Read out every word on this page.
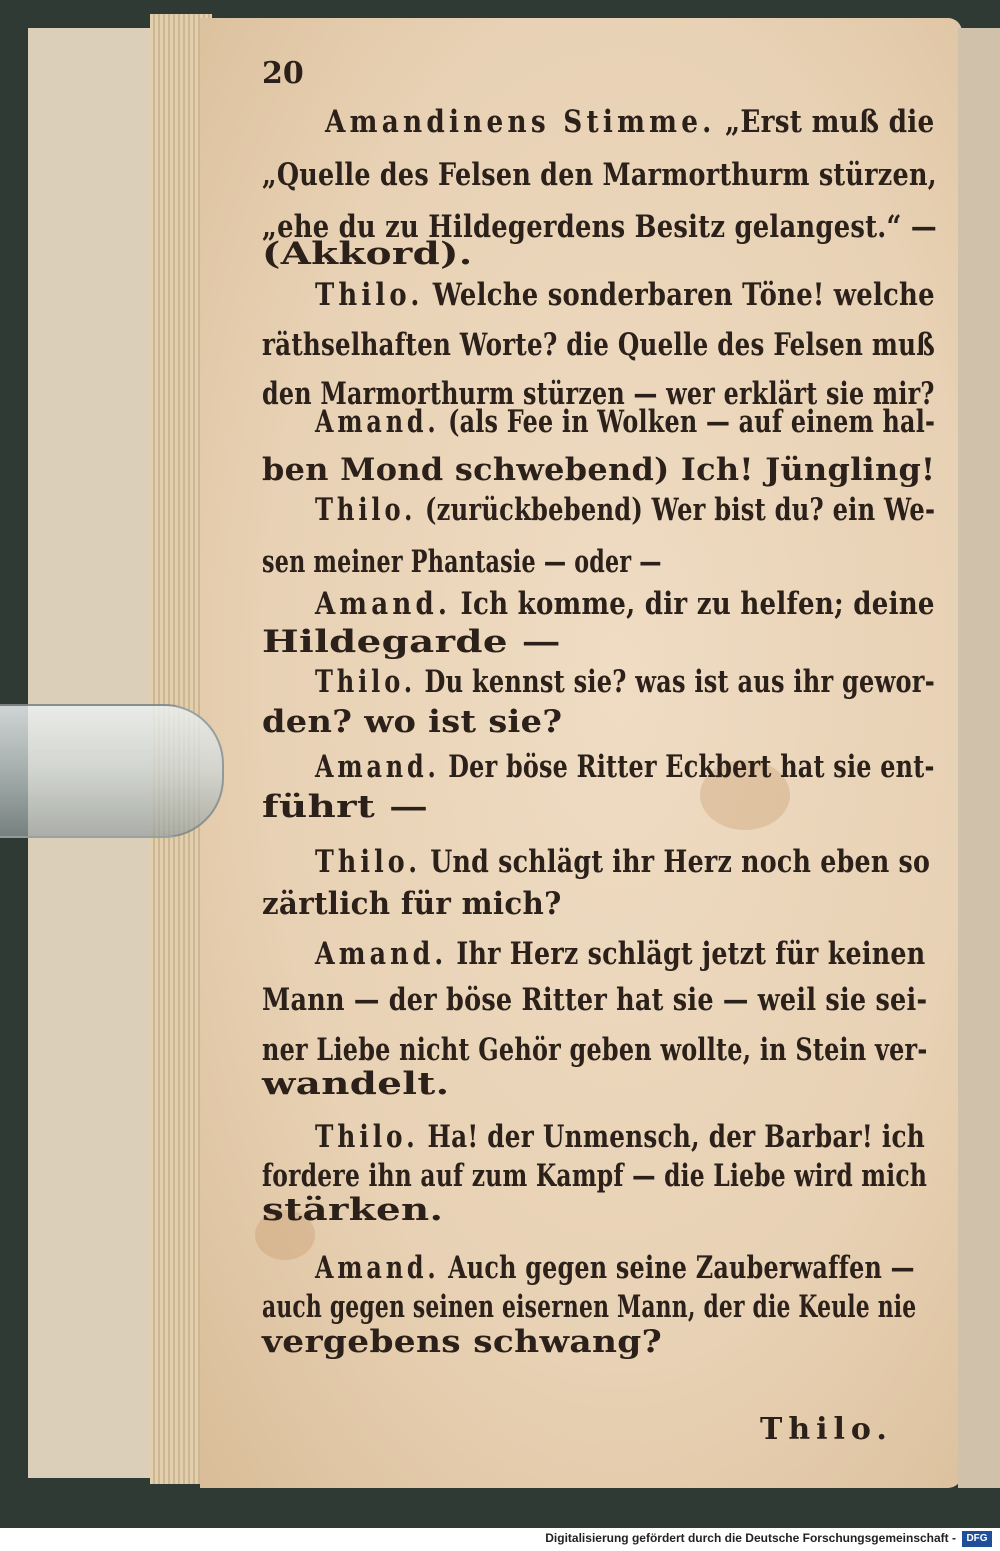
20

Amandinens Stimme. „Erst muß die

„Quelle des Felsen den Marmorthurm stürzen,

„ehe du zu Hildegerdens Besitz gelangest.“ —

(Akkord).

Thilo. Welche sonderbaren Töne! welche

räthselhaften Worte? die Quelle des Felsen muß

den Marmorthurm stürzen — wer erklärt sie mir?

Amand. (als Fee in Wolken — auf einem hal-

ben Mond schwebend) Ich! Jüngling!

Thilo. (zurückbebend) Wer bist du? ein We-

sen meiner Phantasie — oder —

Amand. Ich komme, dir zu helfen; deine

Hildegarde —

Thilo. Du kennst sie? was ist aus ihr gewor-

den? wo ist sie?

Amand. Der böse Ritter Eckbert hat sie ent-

führt —

Thilo. Und schlägt ihr Herz noch eben so

zärtlich für mich?

Amand. Ihr Herz schlägt jetzt für keinen

Mann — der böse Ritter hat sie — weil sie sei-

ner Liebe nicht Gehör geben wollte, in Stein ver-

wandelt.

Thilo. Ha! der Unmensch, der Barbar! ich

fordere ihn auf zum Kampf — die Liebe wird mich

stärken.

Amand. Auch gegen seine Zauberwaffen —

auch gegen seinen eisernen Mann, der die Keule nie

vergebens schwang?

Thilo.

Digitalisierung gefördert durch die Deutsche Forschungsgemeinschaft -	DFG
